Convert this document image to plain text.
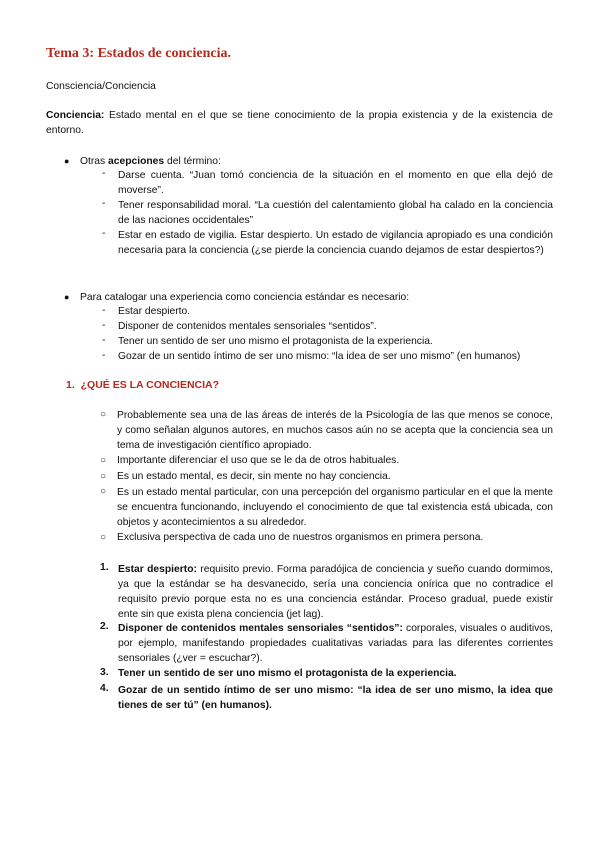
Tema 3: Estados de conciencia.
Consciencia/Conciencia
Conciencia: Estado mental en el que se tiene conocimiento de la propia existencia y de la existencia de entorno.
● Otras acepciones del término:
- Darse cuenta. “Juan tomó conciencia de la situación en el momento en que ella dejó de moverse”.
- Tener responsabilidad moral. “La cuestión del calentamiento global ha calado en la conciencia de las naciones occidentales”
- Estar en estado de vigilia. Estar despierto. Un estado de vigilancia apropiado es una condición necesaria para la conciencia (¿se pierde la conciencia cuando dejamos de estar despiertos?)
● Para catalogar una experiencia como conciencia estándar es necesario:
- Estar despierto.
- Disponer de contenidos mentales sensoriales “sentidos”.
- Tener un sentido de ser uno mismo el protagonista de la experiencia.
- Gozar de un sentido íntimo de ser uno mismo: “la idea de ser uno mismo” (en humanos)
1. ¿QUÉ ES LA CONCIENCIA?
○ Probablemente sea una de las áreas de interés de la Psicología de las que menos se conoce, y como señalan algunos autores, en muchos casos aún no se acepta que la conciencia sea un tema de investigación científico apropiado.
○ Importante diferenciar el uso que se le da de otros habituales.
○ Es un estado mental, es decir, sin mente no hay conciencia.
○ Es un estado mental particular, con una percepción del organismo particular en el que la mente se encuentra funcionando, incluyendo el conocimiento de que tal existencia está ubicada, con objetos y acontecimientos a su alrededor.
○ Exclusiva perspectiva de cada uno de nuestros organismos en primera persona.
1. Estar despierto: requisito previo. Forma paradójica de conciencia y sueño cuando dormimos, ya que la estándar se ha desvanecido, sería una conciencia onírica que no contradice el requisito previo porque esta no es una conciencia estándar. Proceso gradual, puede existir ente sin que exista plena conciencia (jet lag).
2. Disponer de contenidos mentales sensoriales “sentidos”: corporales, visuales o auditivos, por ejemplo, manifestando propiedades cualitativas variadas para las diferentes corrientes sensoriales (¿ver = escuchar?).
3. Tener un sentido de ser uno mismo el protagonista de la experiencia.
4. Gozar de un sentido íntimo de ser uno mismo: “la idea de ser uno mismo, la idea que tienes de ser tú” (en humanos).
